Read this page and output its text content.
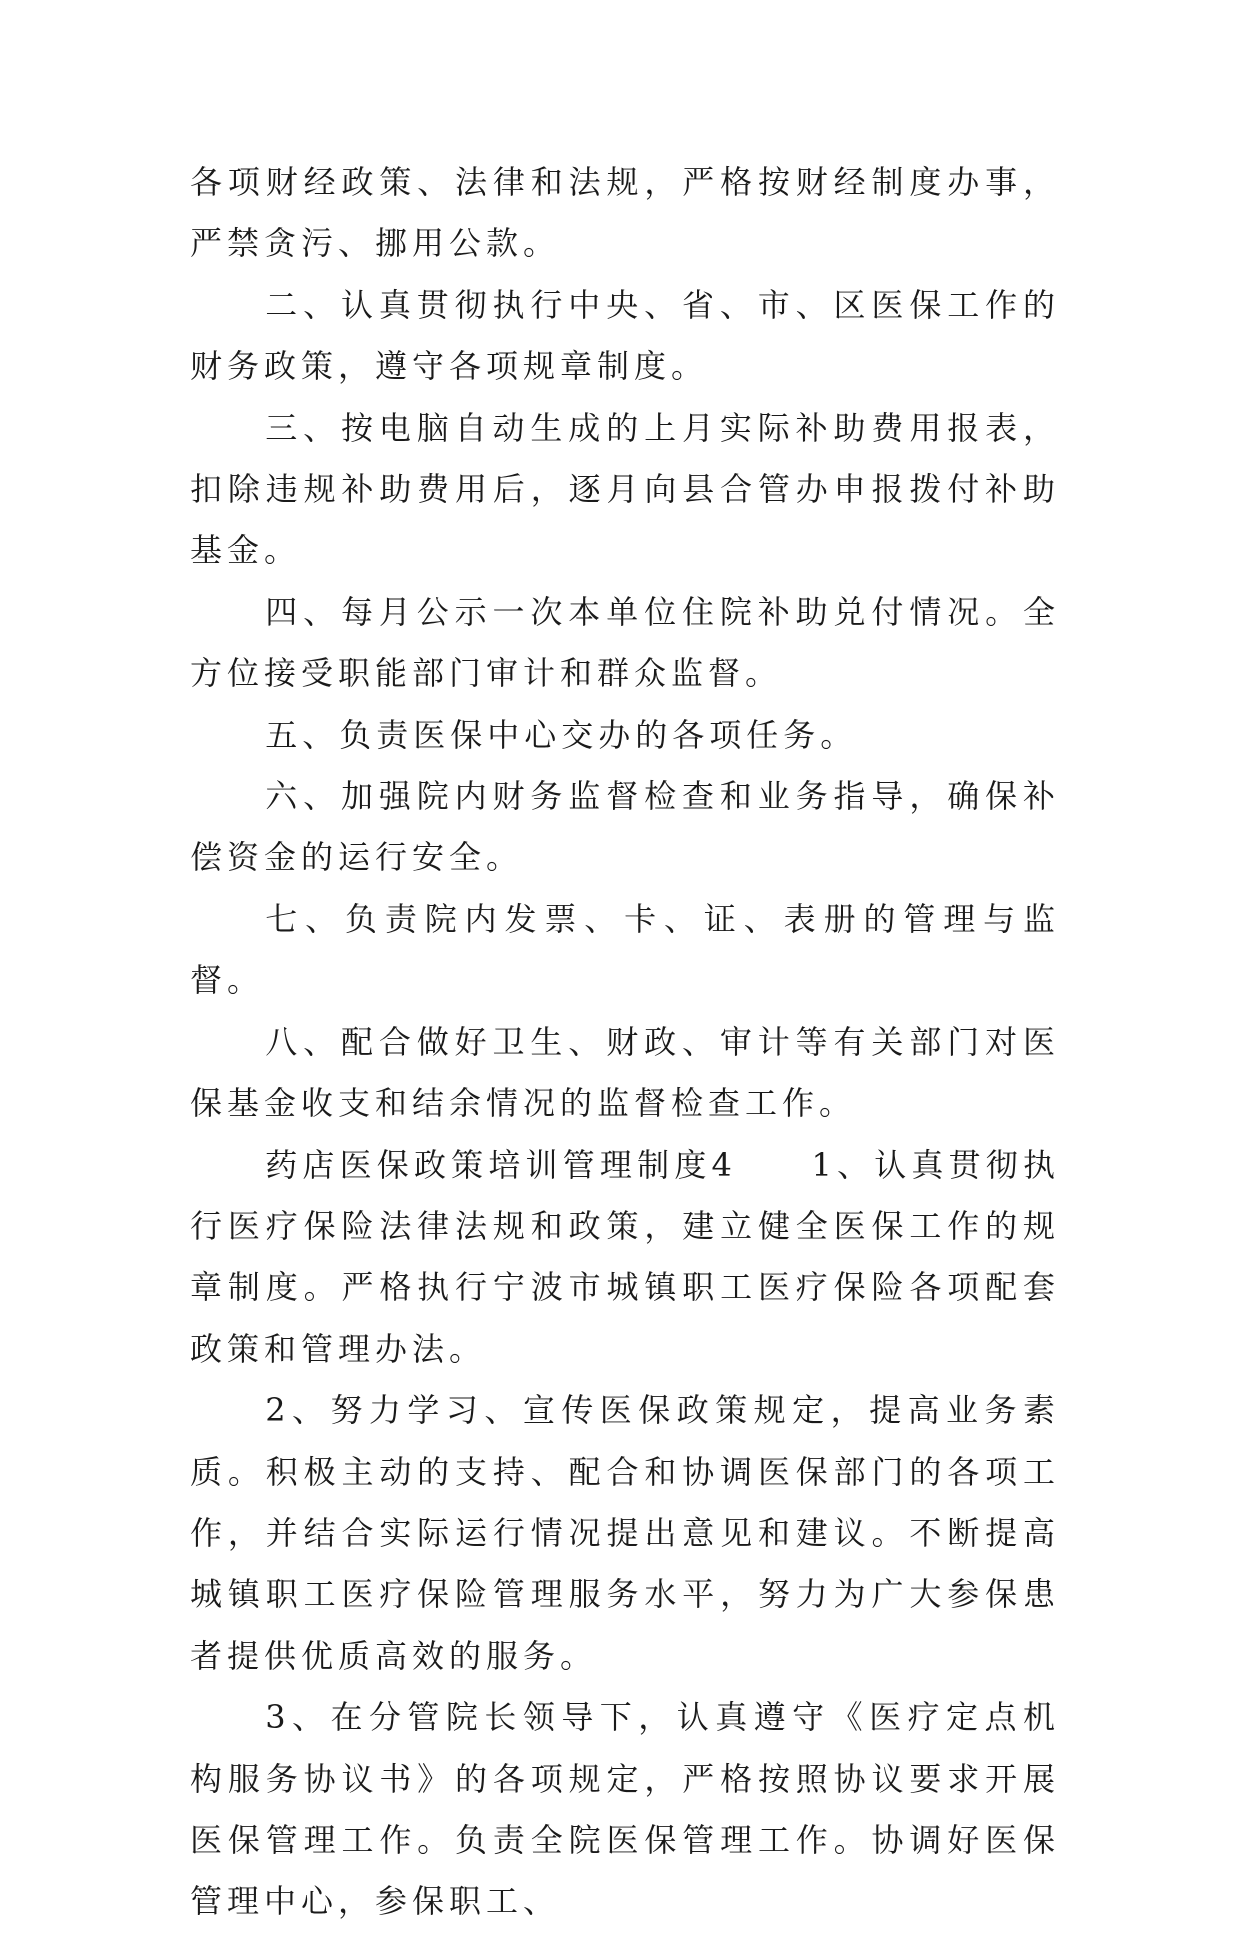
各项财经政策、法律和法规，严格按财经制度办事，严禁贪污、挪用公款。

二、认真贯彻执行中央、省、市、区医保工作的财务政策，遵守各项规章制度。

三、按电脑自动生成的上月实际补助费用报表，扣除违规补助费用后，逐月向县合管办申报拨付补助基金。

四、每月公示一次本单位住院补助兑付情况。全方位接受职能部门审计和群众监督。

五、负责医保中心交办的各项任务。

六、加强院内财务监督检查和业务指导，确保补偿资金的运行安全。

七、负责院内发票、卡、证、表册的管理与监督。

八、配合做好卫生、财政、审计等有关部门对医保基金收支和结余情况的监督检查工作。

药店医保政策培训管理制度4　　1、认真贯彻执行医疗保险法律法规和政策，建立健全医保工作的规章制度。严格执行宁波市城镇职工医疗保险各项配套政策和管理办法。

2、努力学习、宣传医保政策规定，提高业务素质。积极主动的支持、配合和协调医保部门的各项工作，并结合实际运行情况提出意见和建议。不断提高城镇职工医疗保险管理服务水平，努力为广大参保患者提供优质高效的服务。

3、在分管院长领导下，认真遵守《医疗定点机构服务协议书》的各项规定，严格按照协议要求开展医保管理工作。负责全院医保管理工作。协调好医保管理中心，参保职工、
